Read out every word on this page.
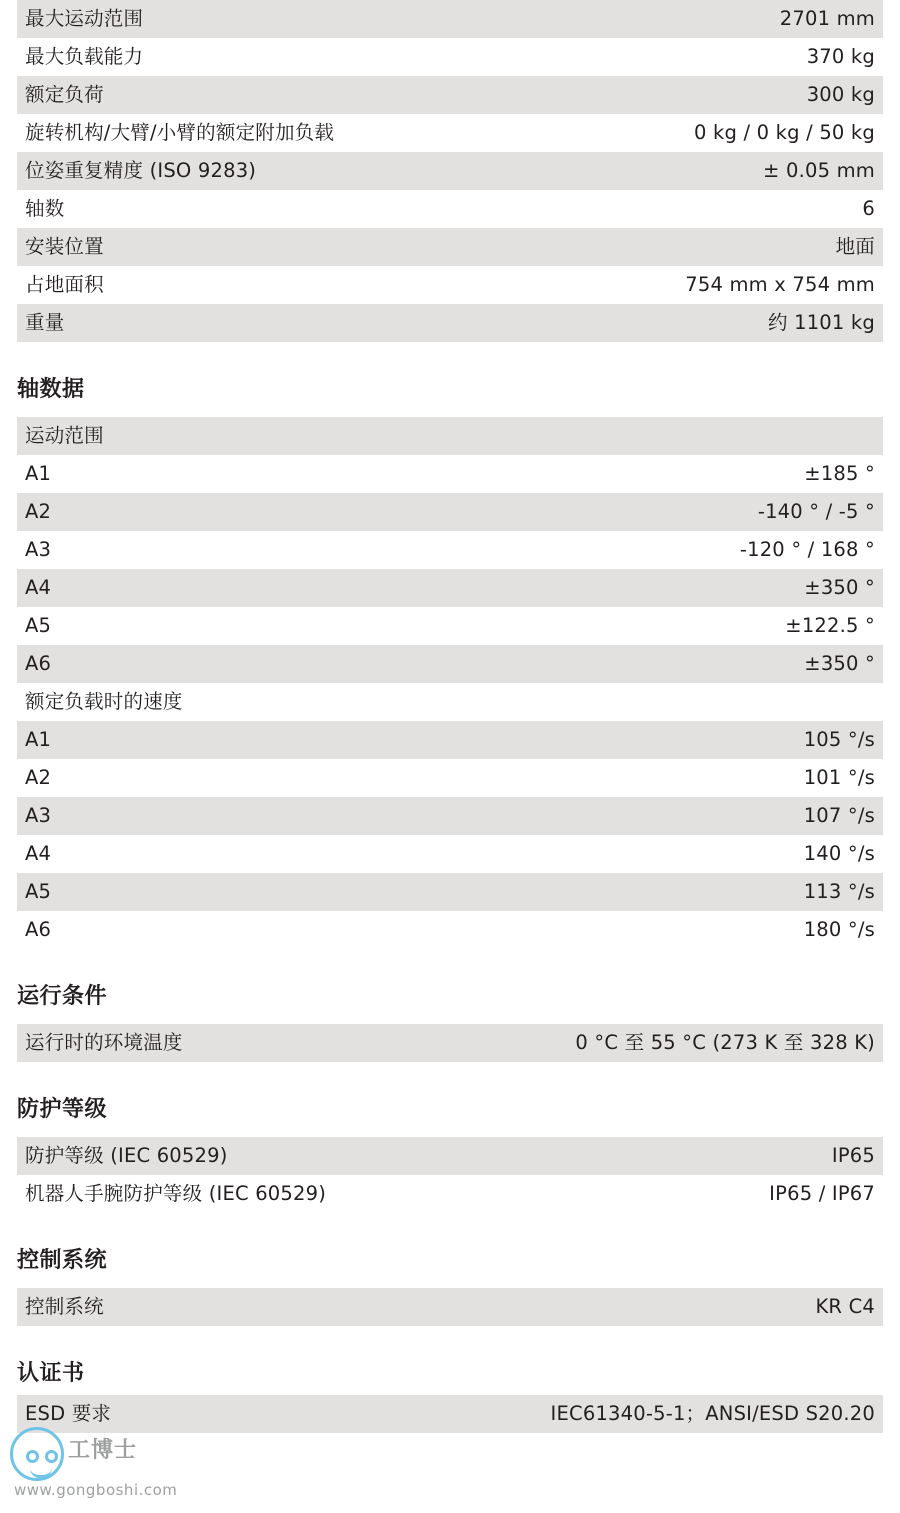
最大运动范围	2701 mm
最大负载能力	370 kg
额定负荷	300 kg
旋转机构/大臂/小臂的额定附加负载	0 kg / 0 kg / 50 kg
位姿重复精度 (ISO 9283)	± 0.05 mm
轴数	6
安装位置	地面
占地面积	754 mm x 754 mm
重量	约 1101 kg
轴数据
运动范围	
A1	±185 °
A2	-140 ° / -5 °
A3	-120 ° / 168 °
A4	±350 °
A5	±122.5 °
A6	±350 °
额定负载时的速度	
A1	105 °/s
A2	101 °/s
A3	107 °/s
A4	140 °/s
A5	113 °/s
A6	180 °/s
运行条件
运行时的环境温度	0 °C 至 55 °C (273 K 至 328 K)
防护等级
防护等级 (IEC 60529)	IP65
机器人手腕防护等级 (IEC 60529)	IP65 / IP67
控制系统
控制系统	KR C4
认证书
ESD 要求	IEC61340-5-1；ANSI/ESD S20.20
工博士
www.gongboshi.com
